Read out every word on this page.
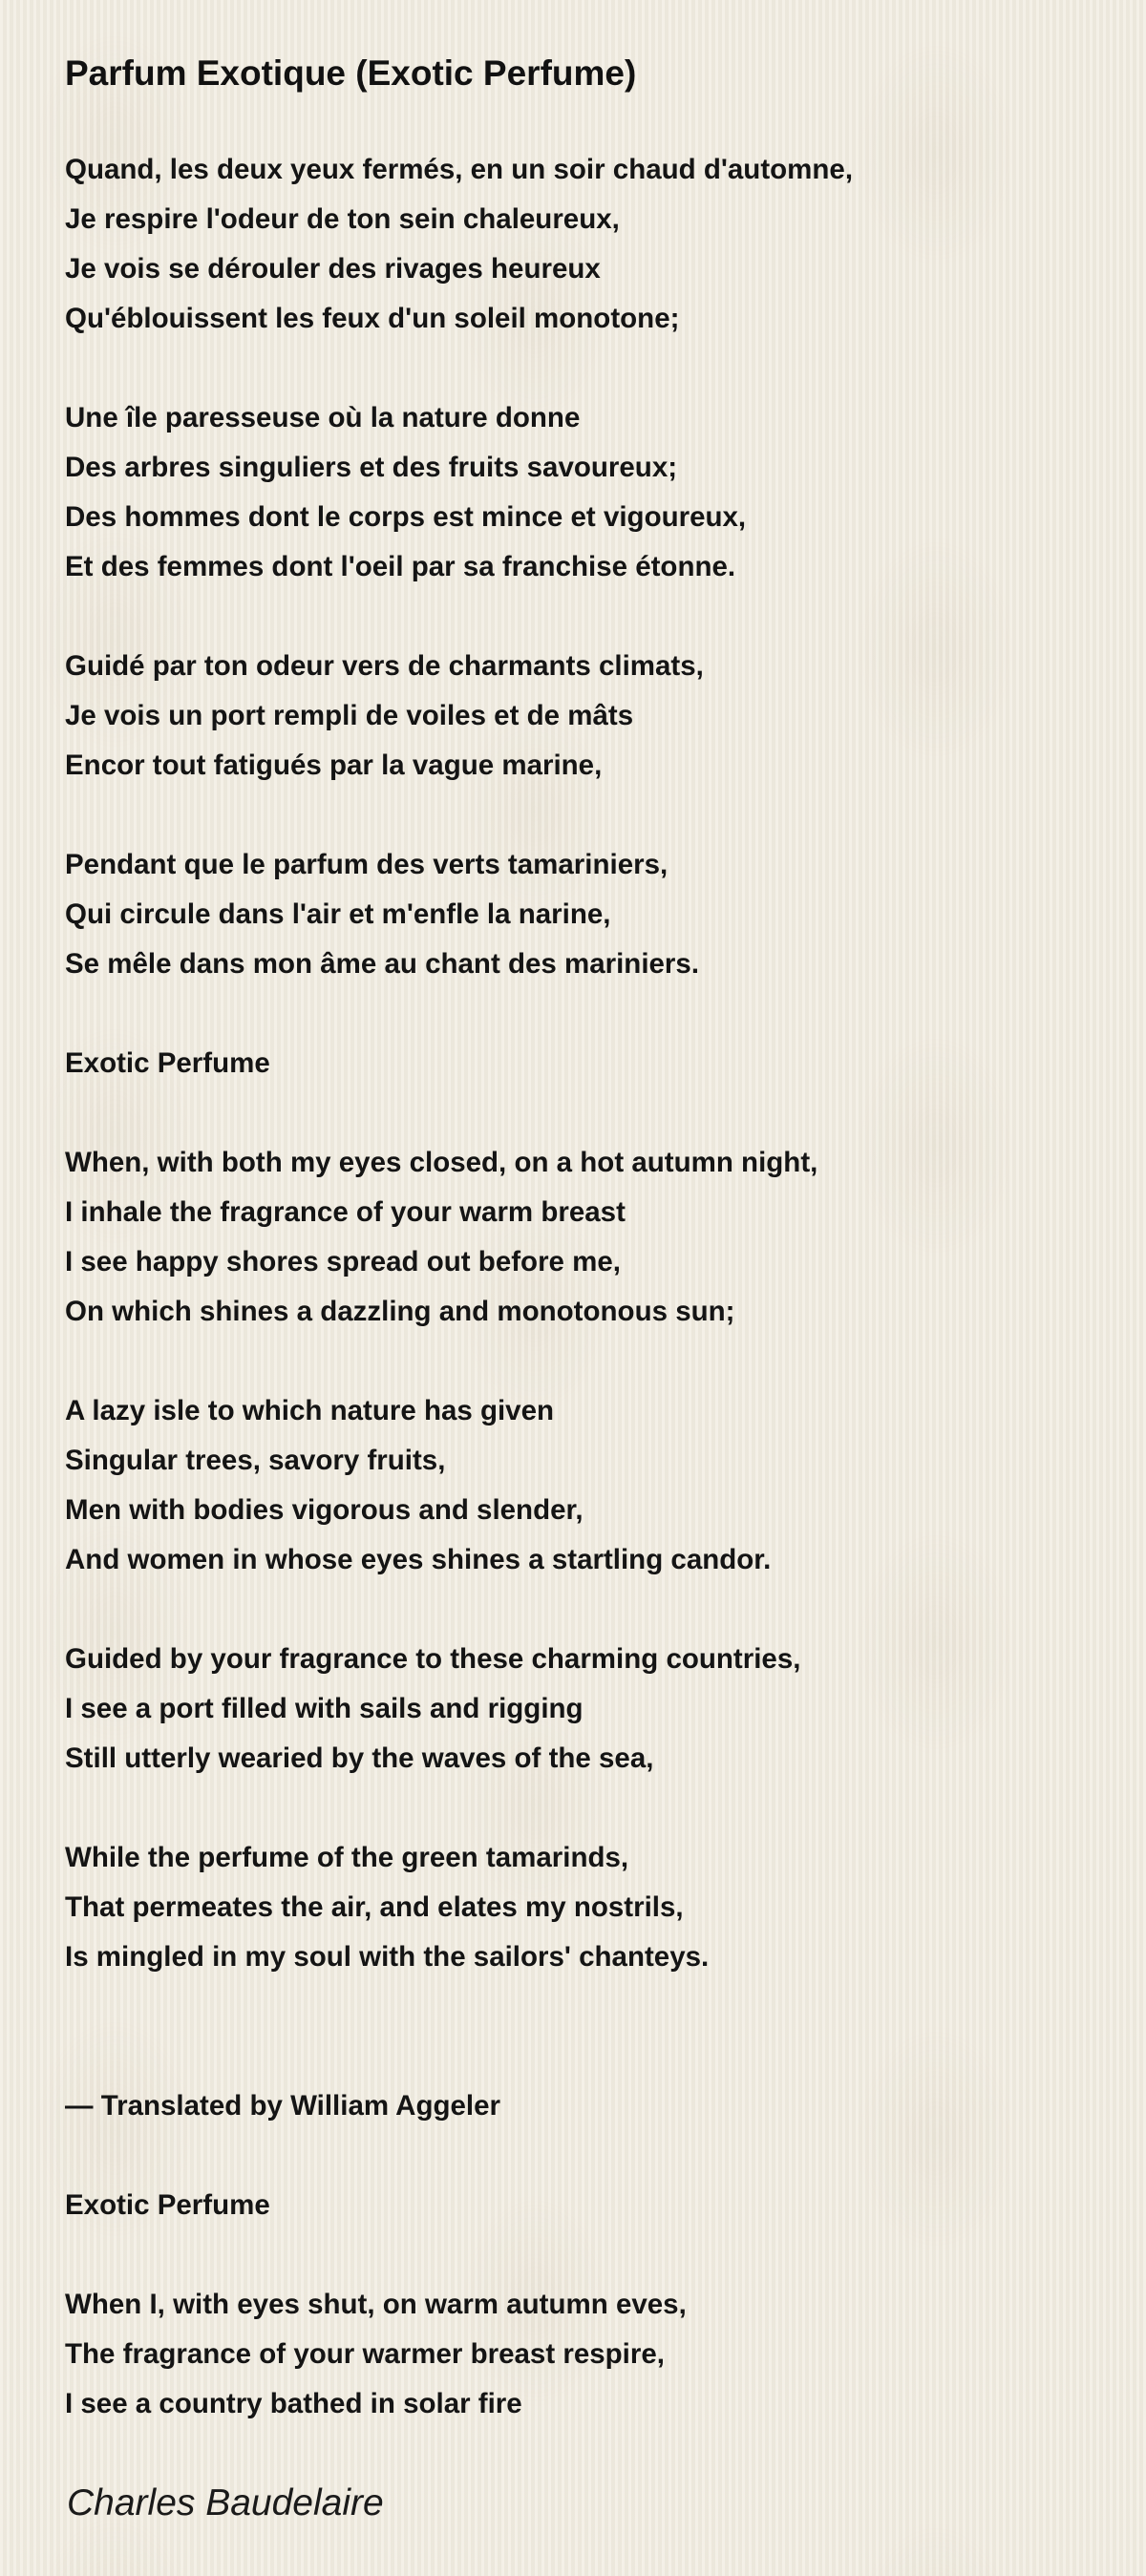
Parfum Exotique (Exotic Perfume)
Quand, les deux yeux fermés, en un soir chaud d'automne,
Je respire l'odeur de ton sein chaleureux,
Je vois se dérouler des rivages heureux
Qu'éblouissent les feux d'un soleil monotone;
Une île paresseuse où la nature donne
Des arbres singuliers et des fruits savoureux;
Des hommes dont le corps est mince et vigoureux,
Et des femmes dont l'oeil par sa franchise étonne.
Guidé par ton odeur vers de charmants climats,
Je vois un port rempli de voiles et de mâts
Encor tout fatigués par la vague marine,
Pendant que le parfum des verts tamariniers,
Qui circule dans l'air et m'enfle la narine,
Se mêle dans mon âme au chant des mariniers.
Exotic Perfume
When, with both my eyes closed, on a hot autumn night,
I inhale the fragrance of your warm breast
I see happy shores spread out before me,
On which shines a dazzling and monotonous sun;
A lazy isle to which nature has given
Singular trees, savory fruits,
Men with bodies vigorous and slender,
And women in whose eyes shines a startling candor.
Guided by your fragrance to these charming countries,
I see a port filled with sails and rigging
Still utterly wearied by the waves of the sea,
While the perfume of the green tamarinds,
That permeates the air, and elates my nostrils,
Is mingled in my soul with the sailors' chanteys.
— Translated by William Aggeler
Exotic Perfume
When I, with eyes shut, on warm autumn eves,
The fragrance of your warmer breast respire,
I see a country bathed in solar fire
Charles Baudelaire
